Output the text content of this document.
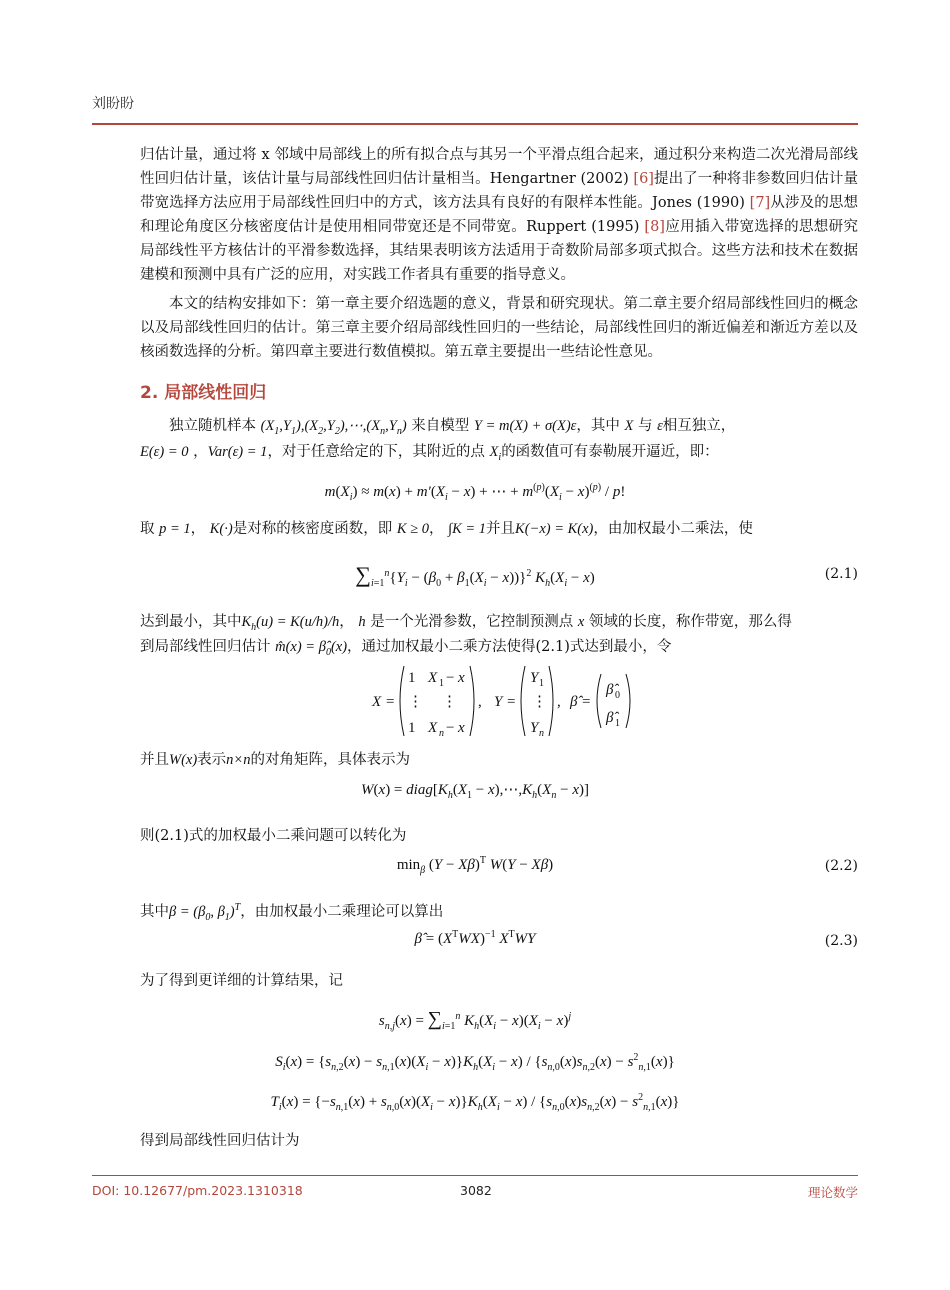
刘盼盼
归估计量，通过将 x 邻域中局部线上的所有拟合点与其另一个平滑点组合起来，通过积分来构造二次光滑局部线性回归估计量，该估计量与局部线性回归估计量相当。Hengartner (2002) [6]提出了一种将非参数回归估计量带宽选择方法应用于局部线性回归中的方式，该方法具有良好的有限样本性能。Jones (1990) [7]从涉及的思想和理论角度区分核密度估计是使用相同带宽还是不同带宽。Ruppert (1995) [8]应用插入带宽选择的思想研究局部线性平方核估计的平滑参数选择，其结果表明该方法适用于奇数阶局部多项式拟合。这些方法和技术在数据建模和预测中具有广泛的应用，对实践工作者具有重要的指导意义。
本文的结构安排如下：第一章主要介绍选题的意义，背景和研究现状。第二章主要介绍局部线性回归的概念以及局部线性回归的估计。第三章主要介绍局部线性回归的一些结论，局部线性回归的渐近偏差和渐近方差以及核函数选择的分析。第四章主要进行数值模拟。第五章主要提出一些结论性意见。
2. 局部线性回归
独立随机样本 $(X_1,Y_1),(X_2,Y_2),\cdots,(X_n,Y_n)$ 来自模型 Y = m(X) + σ(X)ε，其中 X 与 ε相互独立，
E(ε) = 0 ，Var(ε) = 1，对于任意给定的下，其附近的点 $X_i$的函数值可有泰勒展开逼近，即：
$m(X_i) \approx m(x) + m'(X_i - x)$ + ⋯ + $m^{(p)}(X_i - x)^{(p)} / p$!
取 p = 1， K(·)是对称的核密度函数，即 K ≥ 0， ∫K = 1并且K(−x) = K(x)，由加权最小二乘法，使
$\sum_{i=1}^n\{Y_i - (\beta_0 + \beta_1(X_i - x))\}^2$ $K_h(X_i - x)$	(2.1)
达到最小，其中$K_h(u) = K(u/h)/h$， h 是一个光滑参数，它控制预测点 x 领域的长度，称作带宽，那么得
到局部线性回归估计 m̂(x) = $\betâ_0(x)$，通过加权最小二乘方法使得(2.1)式达到最小，令
X =
1 X 1 − x
⋮ ⋮
1 X n − x
, Y =
Y 1
⋮
Y n
, β̂ =
β̂ 0
β̂ 1
并且W(x)表示n×n的对角矩阵，具体表示为
$W(x) = diag[K_h(X_1$ − $x),\cdots,K_h(X_n - x)$]
则(2.1)式的加权最小二乘问题可以转化为
$\min_\beta (Y - X\beta)^T$ W(Y − Xβ)	(2.2)
其中$\beta = (\beta_0$, $\beta_1)^T$，由加权最小二乘理论可以算出
β̂ = $(X^TWX)^{-1}$ $X^TWY$	(2.3)
为了得到更详细的计算结果，记
$s_{n,j}(x) = \sum_{i=1}^n$ $K_h(X_i - x)(X_i - x)^j$
$S_i(x) = \{s_{n,2}(x) - s_{n,1}(x)(X_i - x)\}K_h(X_i - x) / \{s_{n,0}(x)s_{n,2}(x) - s^2_{n,1}(x)\}$
$T_i(x) = \{-s_{n,1}(x) + s_{n,0}(x)(X_i - x)\}K_h(X_i - x) / \{s_{n,0}(x)s_{n,2}(x) - s^2_{n,1}(x)\}$
得到局部线性回归估计为
DOI: 10.12677/pm.2023.1310318	3082	理论数学
